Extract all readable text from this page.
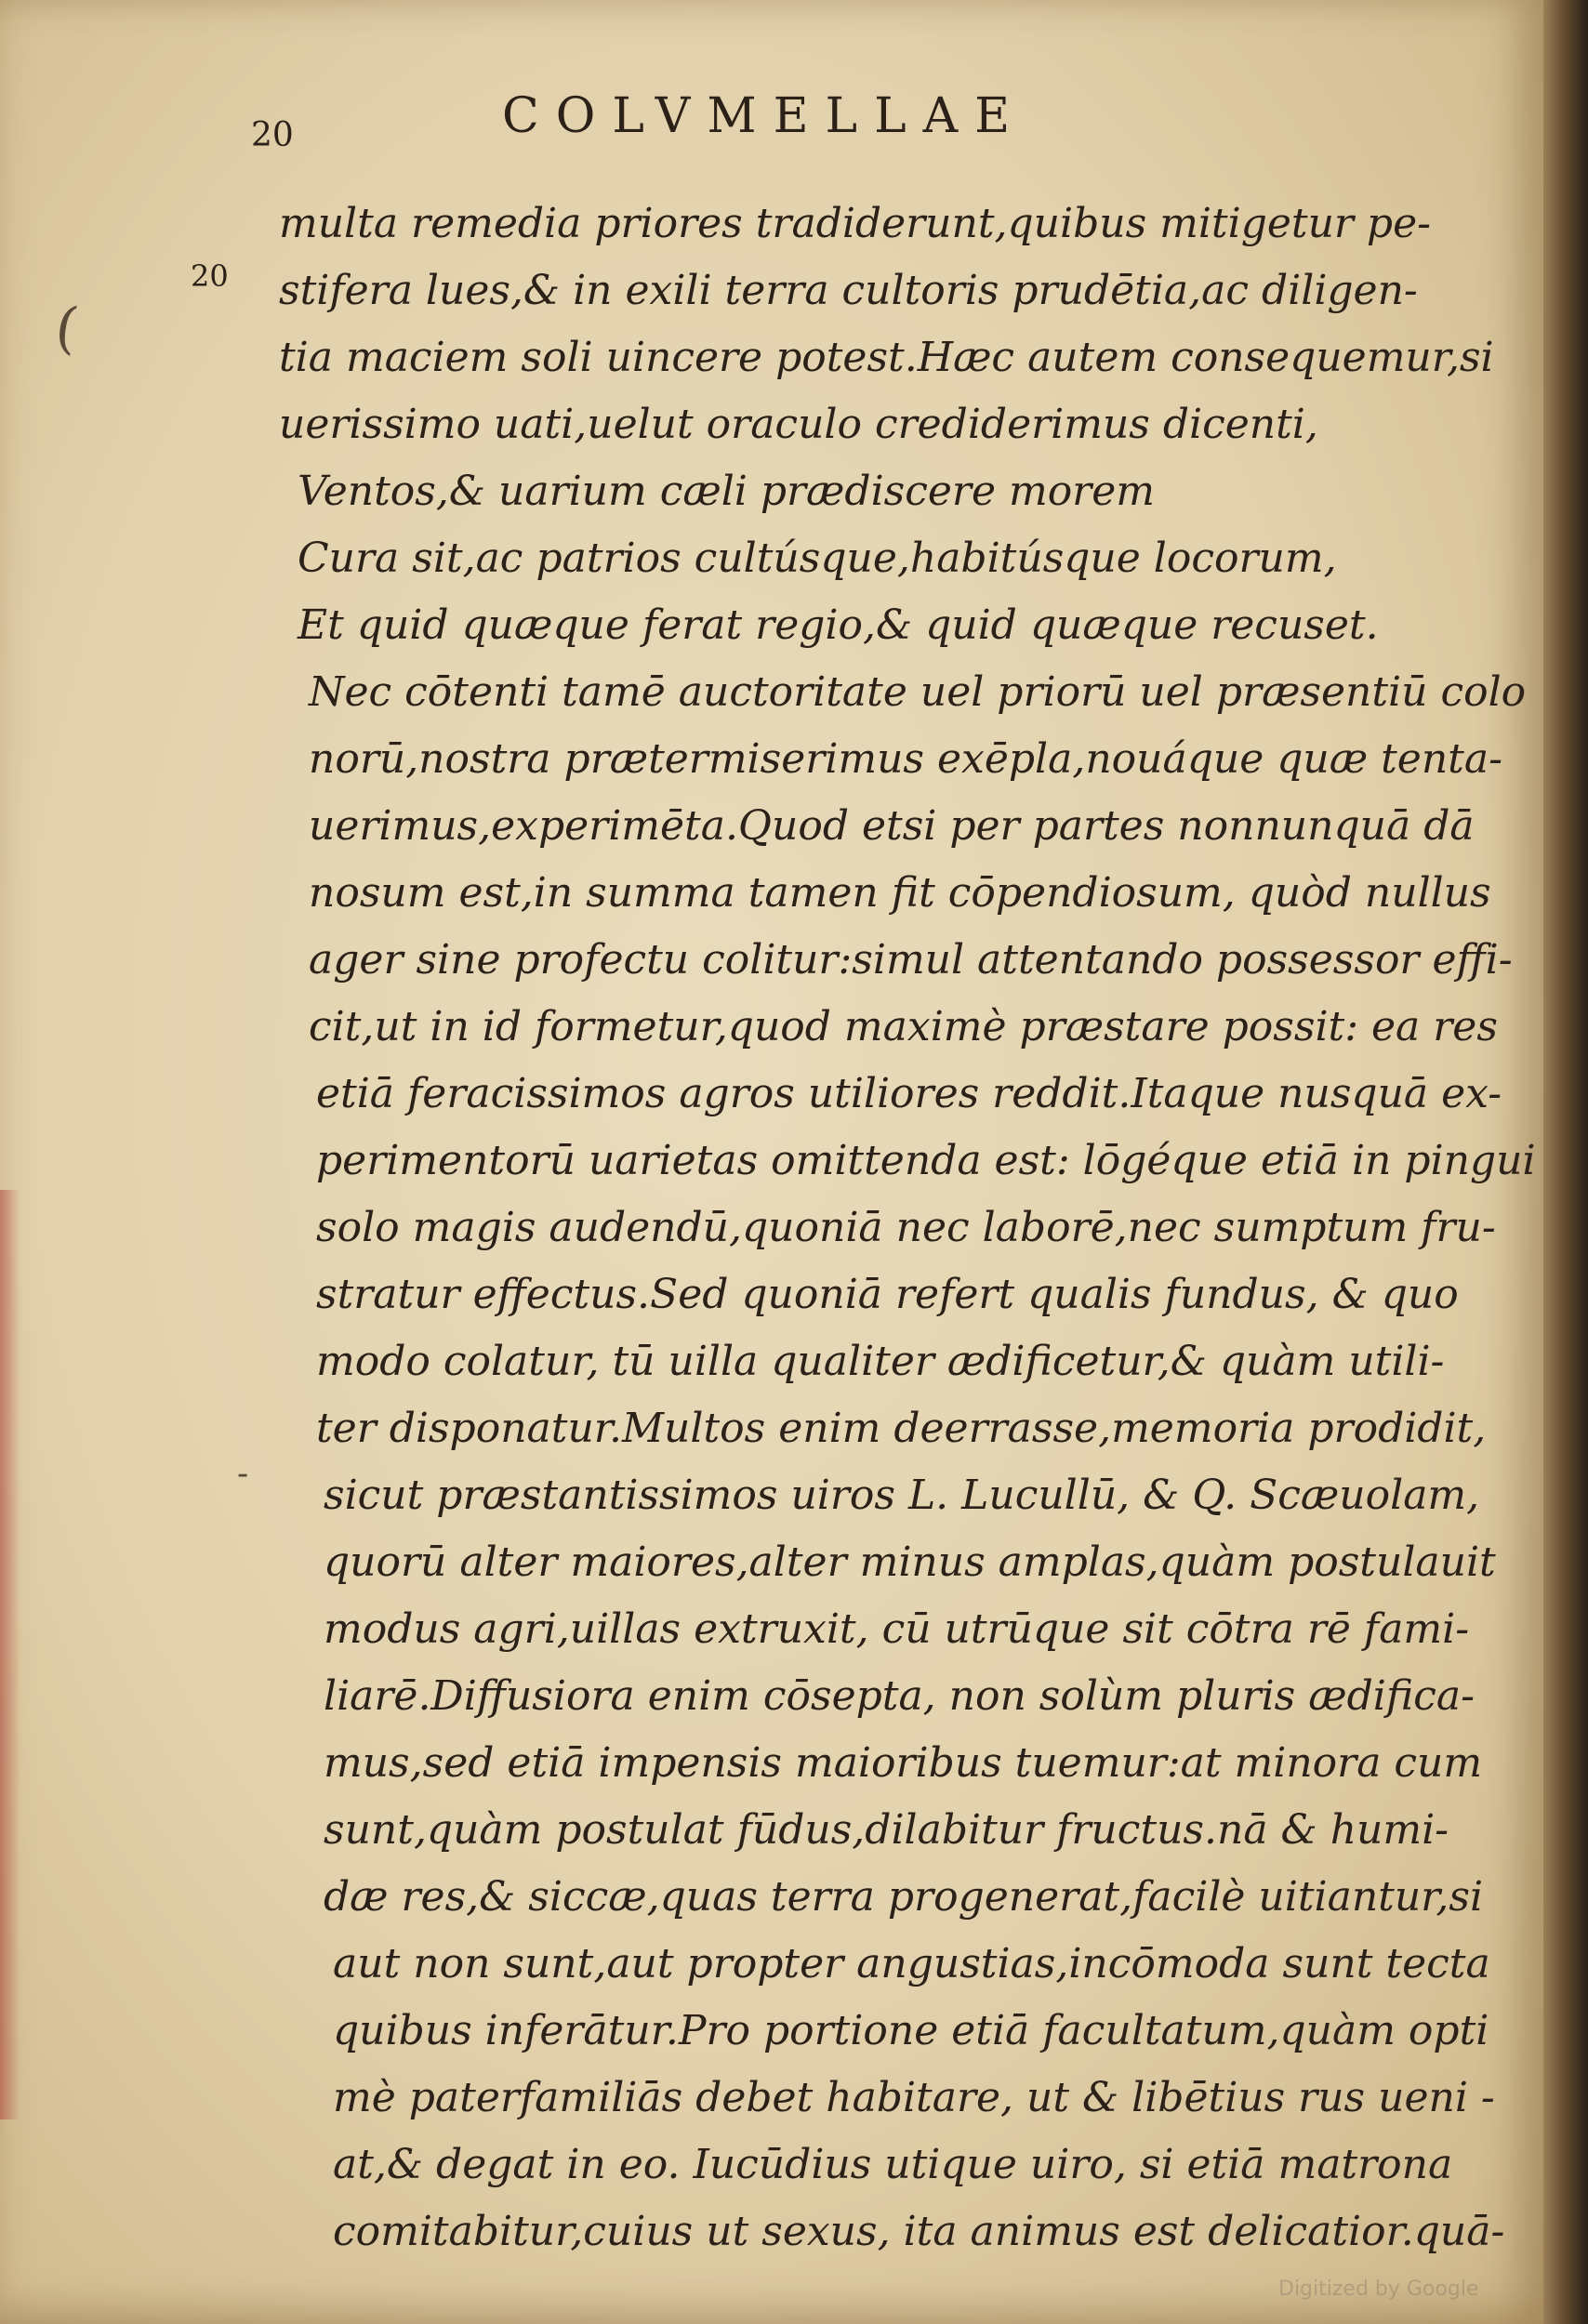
20	COLVMELLAE
20
(
-
multa remedia priores tradiderunt,quibus mitigetur pe-
stifera lues,& in exili terra cultoris prudētia,ac diligen-
tia maciem soli uincere potest.Hæc autem consequemur,si
uerissimo uati,uelut oraculo crediderimus dicenti,
Ventos,& uarium cæli prædiscere morem
Cura sit,ac patrios cultúsque,habitúsque locorum,
Et quid quæque ferat regio,& quid quæque recuset.
Nec cōtenti tamē auctoritate uel priorū uel præsentiū colo
norū,nostra prætermiserimus exēpla,nouáque quæ tenta-
uerimus,experimēta.Quod etsi per partes nonnunquā dā
nosum est,in summa tamen fit cōpendiosum, quòd nullus
ager sine profectu colitur:simul attentando possessor effi-
cit,ut in id formetur,quod maximè præstare possit: ea res
etiā feracissimos agros utiliores reddit.Itaque nusquā ex-
perimentorū uarietas omittenda est: lōgéque etiā in pingui
solo magis audendū,quoniā nec laborē,nec sumptum fru-
stratur effectus.Sed quoniā refert qualis fundus, & quo
modo colatur, tū uilla qualiter ædificetur,& quàm utili-
ter disponatur.Multos enim deerrasse,memoria prodidit,
sicut præstantissimos uiros L. Lucullū, & Q. Scæuolam,
quorū alter maiores,alter minus amplas,quàm postulauit
modus agri,uillas extruxit, cū utrūque sit cōtra rē fami-
liarē.Diffusiora enim cōsepta, non solùm pluris ædifica-
mus,sed etiā impensis maioribus tuemur:at minora cum
sunt,quàm postulat fūdus,dilabitur fructus.nā & humi-
dæ res,& siccæ,quas terra progenerat,facilè uitiantur,si
aut non sunt,aut propter angustias,incōmoda sunt tecta
quibus inferātur.Pro portione etiā facultatum,quàm opti
mè paterfamiliās debet habitare, ut & libētius rus ueni -
at,& degat in eo. Iucūdius utique uiro, si etiā matrona
comitabitur,cuius ut sexus, ita animus est delicatior.quā-
Digitized by Google
